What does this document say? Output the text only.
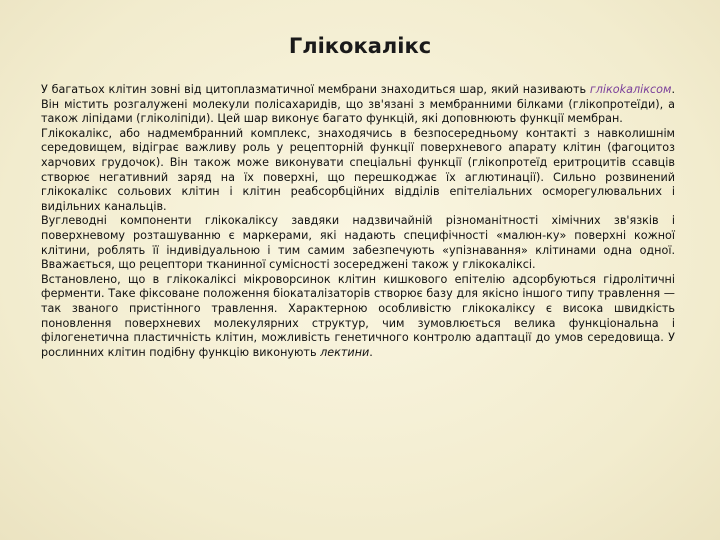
Глікокалікс

У багатьох клітин зовні від цитоплазматичної мембрани знаходиться шар, який називають глікоkаліксом. Він містить розгалужені молекули полісахаридів, що зв'язані з мембранними білками (глікопротеїди), а також ліпідами (гліколіпіди). Цей шар виконує багато функцій, які доповнюють функції мембран.

Глікокалікс, або надмембранний комплекс, знаходячись в безпосередньому контакті з навколишнім середовищем, відіграє важливу роль у рецепторній функції поверхневого апарату клітин (фагоцитоз харчових грудочок). Він також може виконувати спеціальні функції (глікопротеїд еритроцитів ссавців створює негативний заряд на їх поверхні, що перешкоджає їх аглютинації). Сильно розвинений глікокалікс сольових клітин і клітин реабсорбційних відділів епітеліальних осморегулювальних і видільних канальців.

Вуглеводні компоненти глікокаліксу завдяки надзвичайній різноманітності хімічних зв'язків і поверхневому розташуванню є маркерами, які надають специфічності «малюн-ку» поверхні кожної клітини, роблять її індивідуальною і тим самим забезпечують «упізнавання» клітинами одна одної. Вважається, що рецептори тканинної сумісності зосереджені також у глікокаліксі.

Встановлено, що в глікокаліксі мікроворсинок клітин кишкового епітелію адсорбуються гідролітичні ферменти. Таке фіксоване положення біокаталізаторів створює базу для якісно іншого типу травлення — так званого пристінного травлення. Характерною особливістю глікокаліксу є висока швидкість поновлення поверхневих молекулярних структур, чим зумовлюється велика функціональна і філогенетична пластичність клітин, можливість генетичного контролю адаптації до умов середовища. У рослинних клітин подібну функцію виконують лектини.
